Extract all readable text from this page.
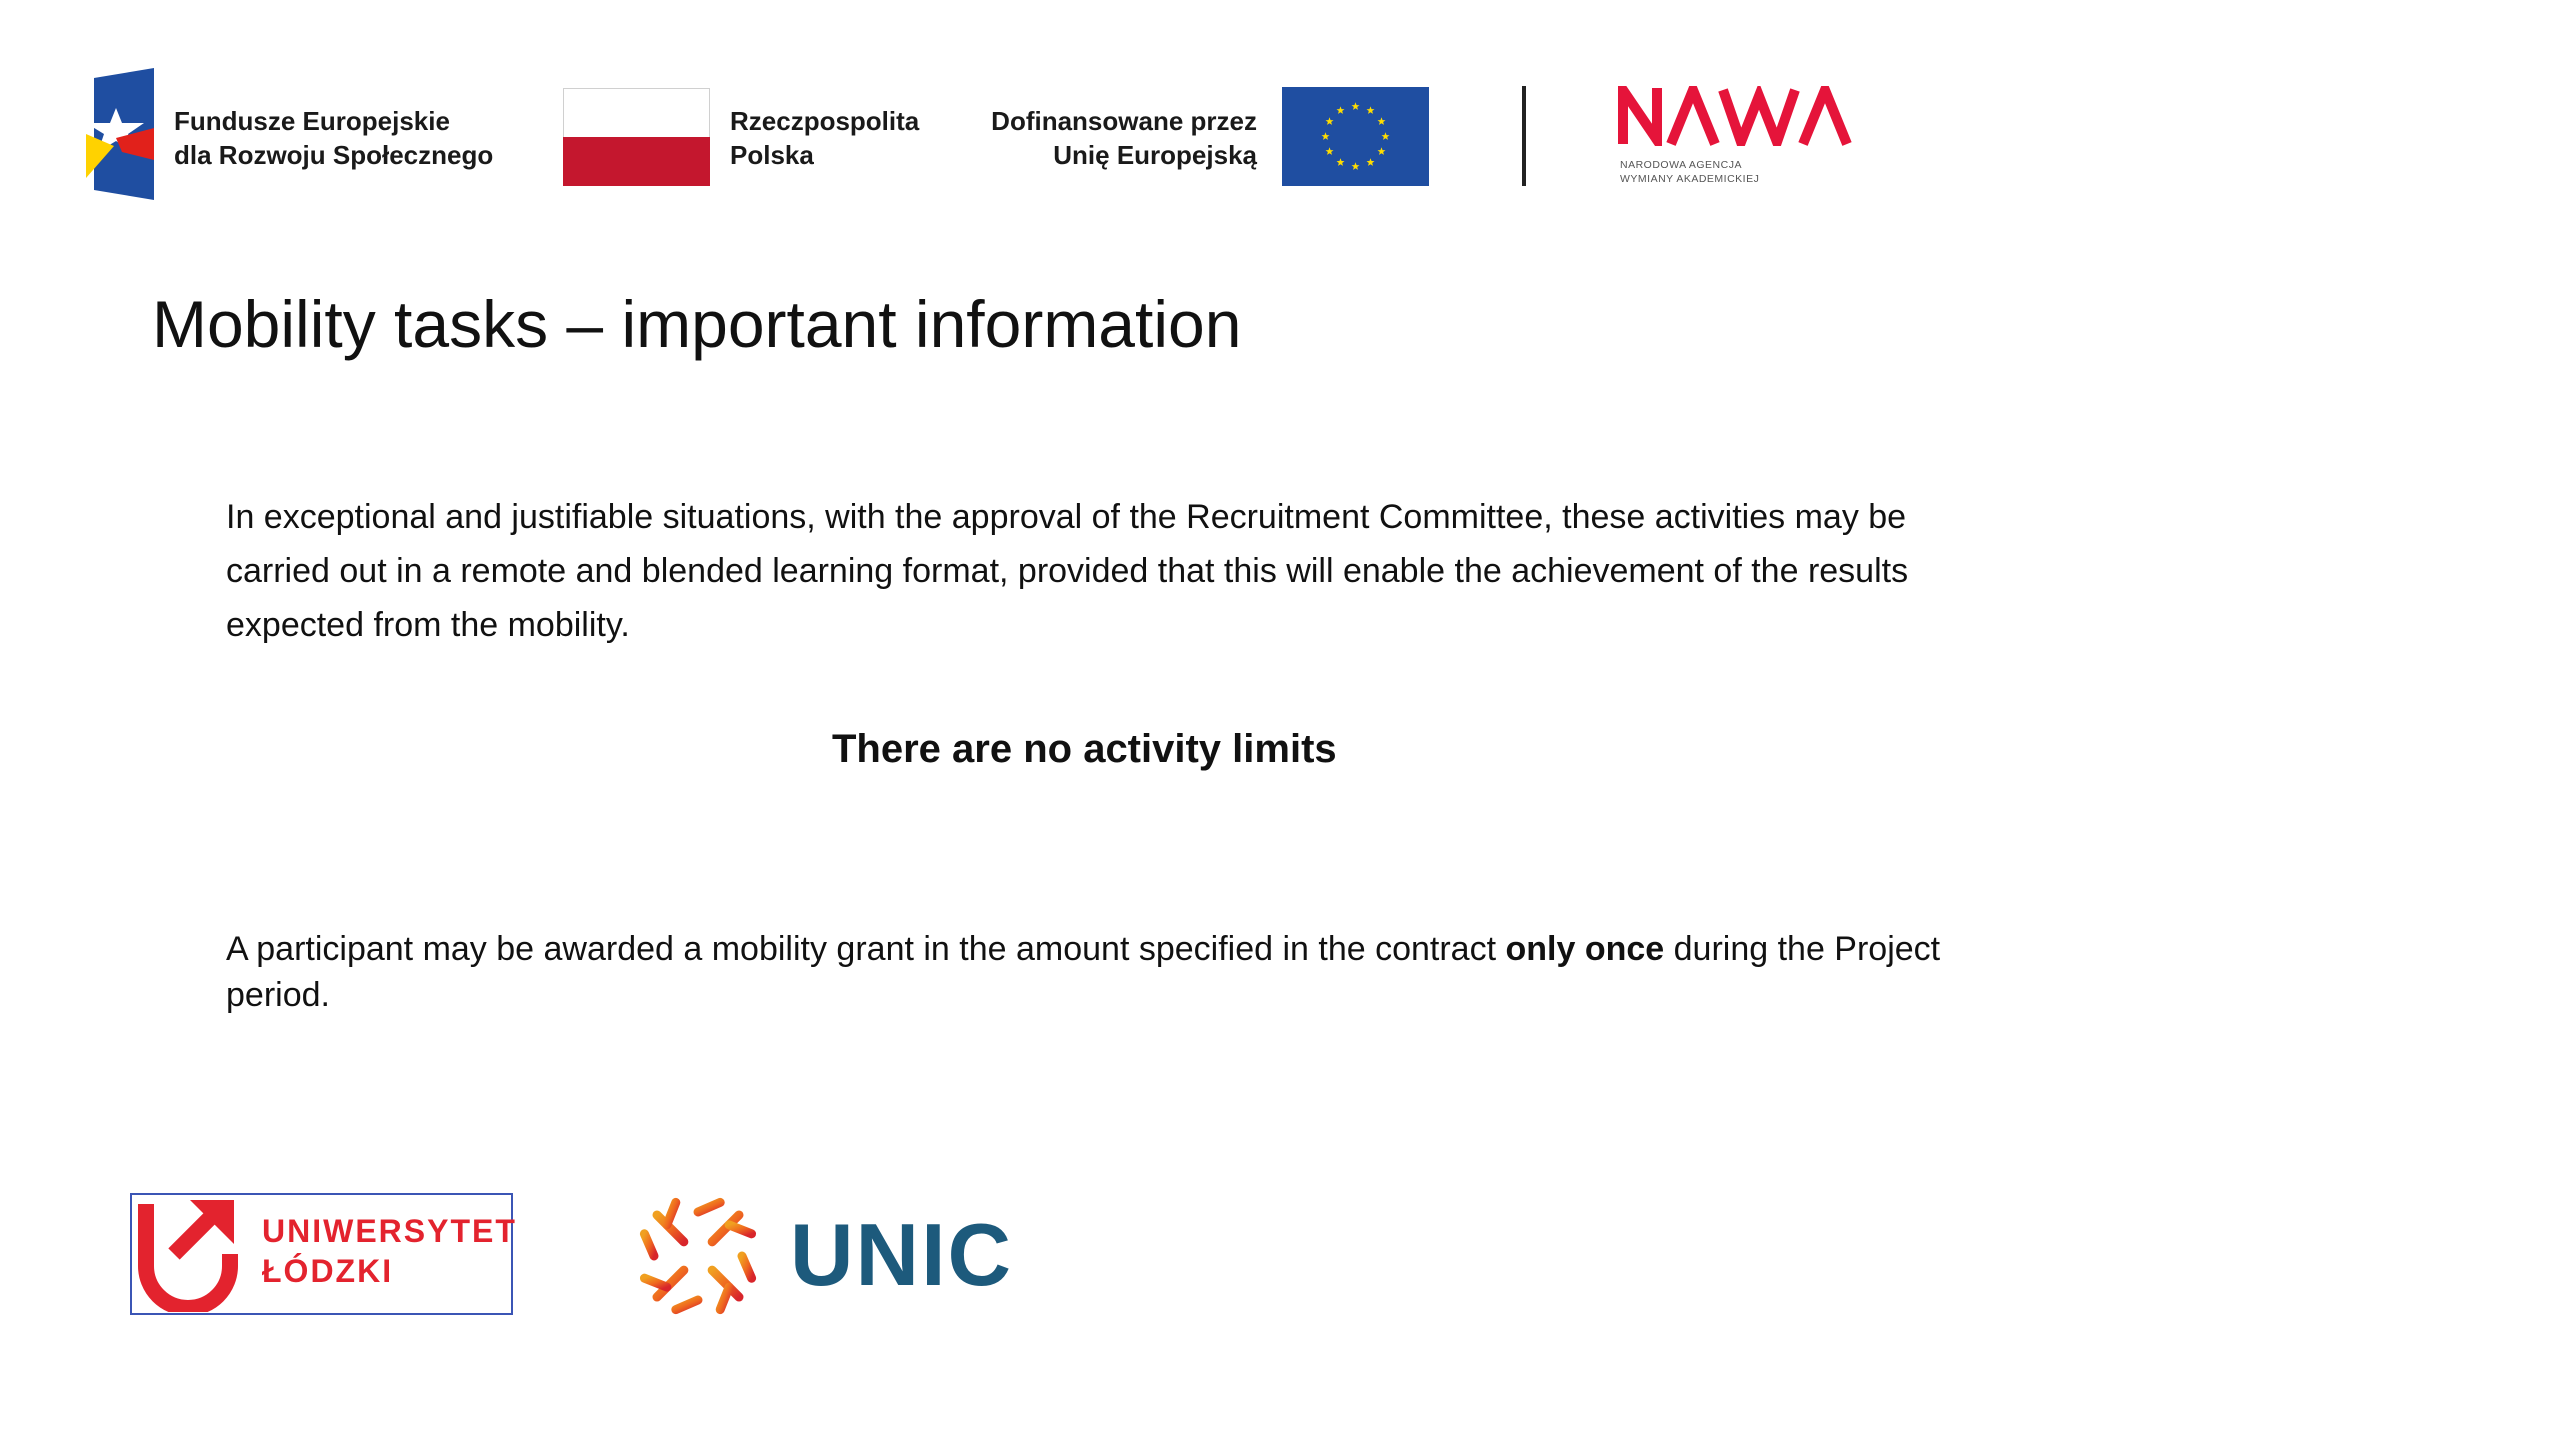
Fundusze Europejskie
dla Rozwoju Społecznego
Rzeczpospolita
Polska
Dofinansowane przez
Unię Europejską	NARODOWA AGENCJA
WYMIANY AKADEMICKIEJ
Mobility tasks – important information

In exceptional and justifiable situations, with the approval of the Recruitment Committee, these activities may be carried out in a remote and blended learning format, provided that this will enable the achievement of the results expected from the mobility.

There are no activity limits

A participant may be awarded a mobility grant in the amount specified in the contract only once during the Project period.

UNIWERSYTET
ŁÓDZKI	UNIC
